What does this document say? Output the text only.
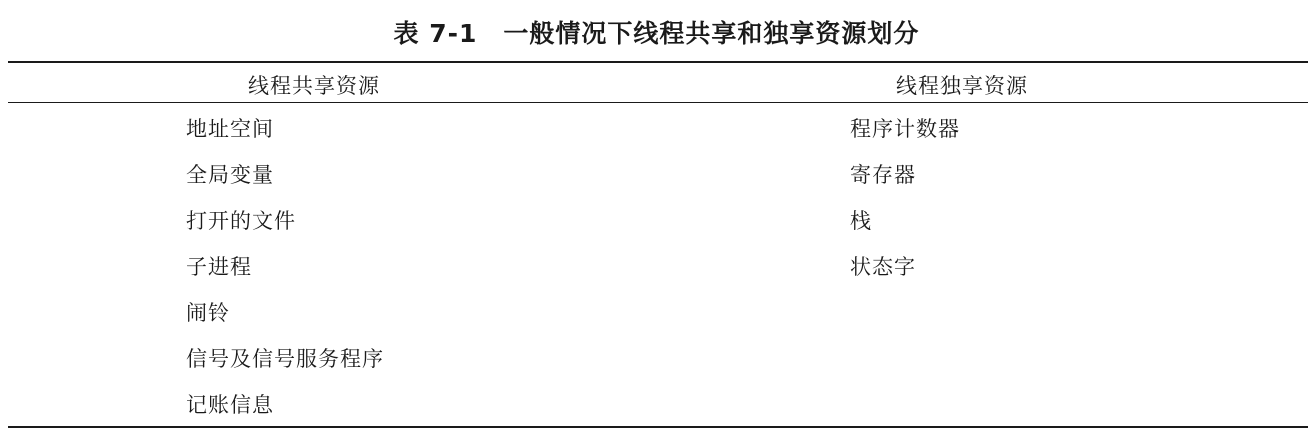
表 7-1 一般情况下线程共享和独享资源划分
线程共享资源	线程独享资源
地址空间
全局变量
打开的文件
子进程
闹铃
信号及信号服务程序
记账信息
程序计数器
寄存器
栈
状态字
